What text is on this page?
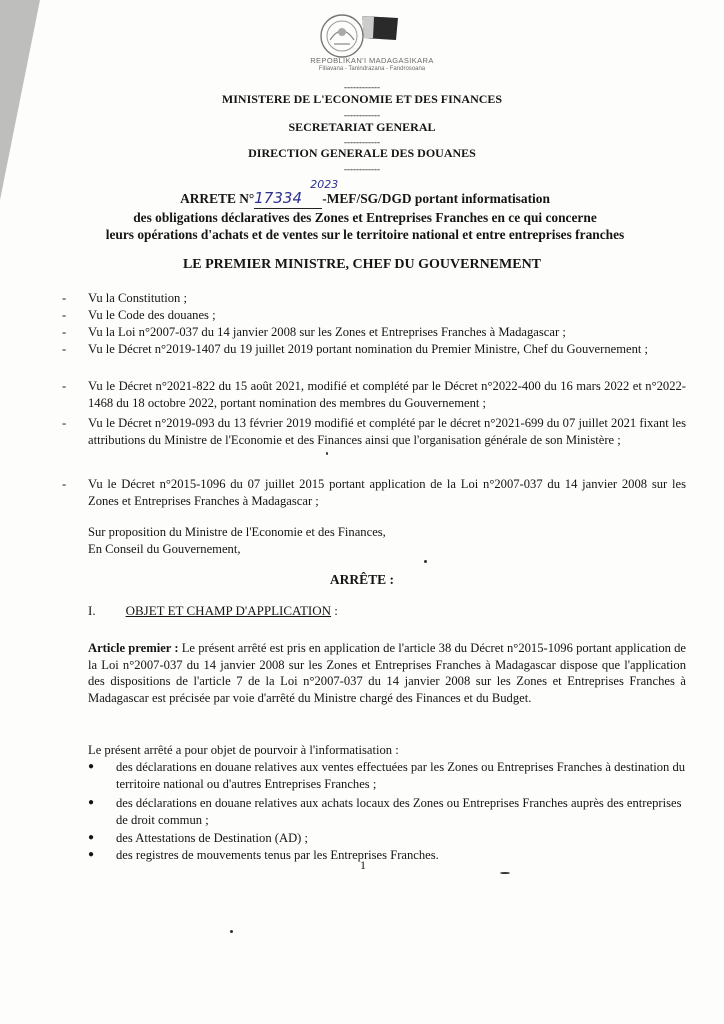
REPOBLIKAN'I MADAGASIKARA
Fitiavana - Tanindrazana - Fandrosoana
------------
MINISTERE DE L'ECONOMIE ET DES FINANCES
------------
SECRETARIAT GENERAL
------------
DIRECTION GENERALE DES DOUANES
------------
ARRETE N°17334
2023
-MEF/SG/DGD portant informatisation
des obligations déclaratives des Zones et Entreprises Franches en ce qui concerne
leurs opérations d'achats et de ventes sur le territoire national et entre entreprises franches
LE PREMIER MINISTRE, CHEF DU GOUVERNEMENT
- Vu la Constitution ;
- Vu le Code des douanes ;
- Vu la Loi n°2007-037 du 14 janvier 2008 sur les Zones et Entreprises Franches à Madagascar ;
- Vu le Décret n°2019-1407 du 19 juillet 2019 portant nomination du Premier Ministre, Chef du Gouvernement ;
- Vu le Décret n°2021-822 du 15 août 2021, modifié et complété par le Décret n°2022-400 du 16 mars 2022 et n°2022-1468 du 18 octobre 2022, portant nomination des membres du Gouvernement ;
- Vu le Décret n°2019-093 du 13 février 2019 modifié et complété par le décret n°2021-699 du 07 juillet 2021 fixant les attributions du Ministre de l'Economie et des Finances ainsi que l'organisation générale de son Ministère ;
- Vu le Décret n°2015-1096 du 07 juillet 2015 portant application de la Loi n°2007-037 du 14 janvier 2008 sur les Zones et Entreprises Franches à Madagascar ;
Sur proposition du Ministre de l'Economie et des Finances,
En Conseil du Gouvernement,
ARRÊTE :
I. OBJET ET CHAMP D'APPLICATION :
Article premier : Le présent arrêté est pris en application de l'article 38 du Décret n°2015-1096 portant application de la Loi n°2007-037 du 14 janvier 2008 sur les Zones et Entreprises Franches à Madagascar dispose que l'application des dispositions de l'article 7 de la Loi n°2007-037 du 14 janvier 2008 sur les Zones et Entreprises Franches à Madagascar est précisée par voie d'arrêté du Ministre chargé des Finances et du Budget.
Le présent arrêté a pour objet de pourvoir à l'informatisation :
● des déclarations en douane relatives aux ventes effectuées par les Zones ou Entreprises Franches à destination du territoire national ou d'autres Entreprises Franches ;
● des déclarations en douane relatives aux achats locaux des Zones ou Entreprises Franches auprès des entreprises de droit commun ;
● des Attestations de Destination (AD) ;
● des registres de mouvements tenus par les Entreprises Franches.
1
